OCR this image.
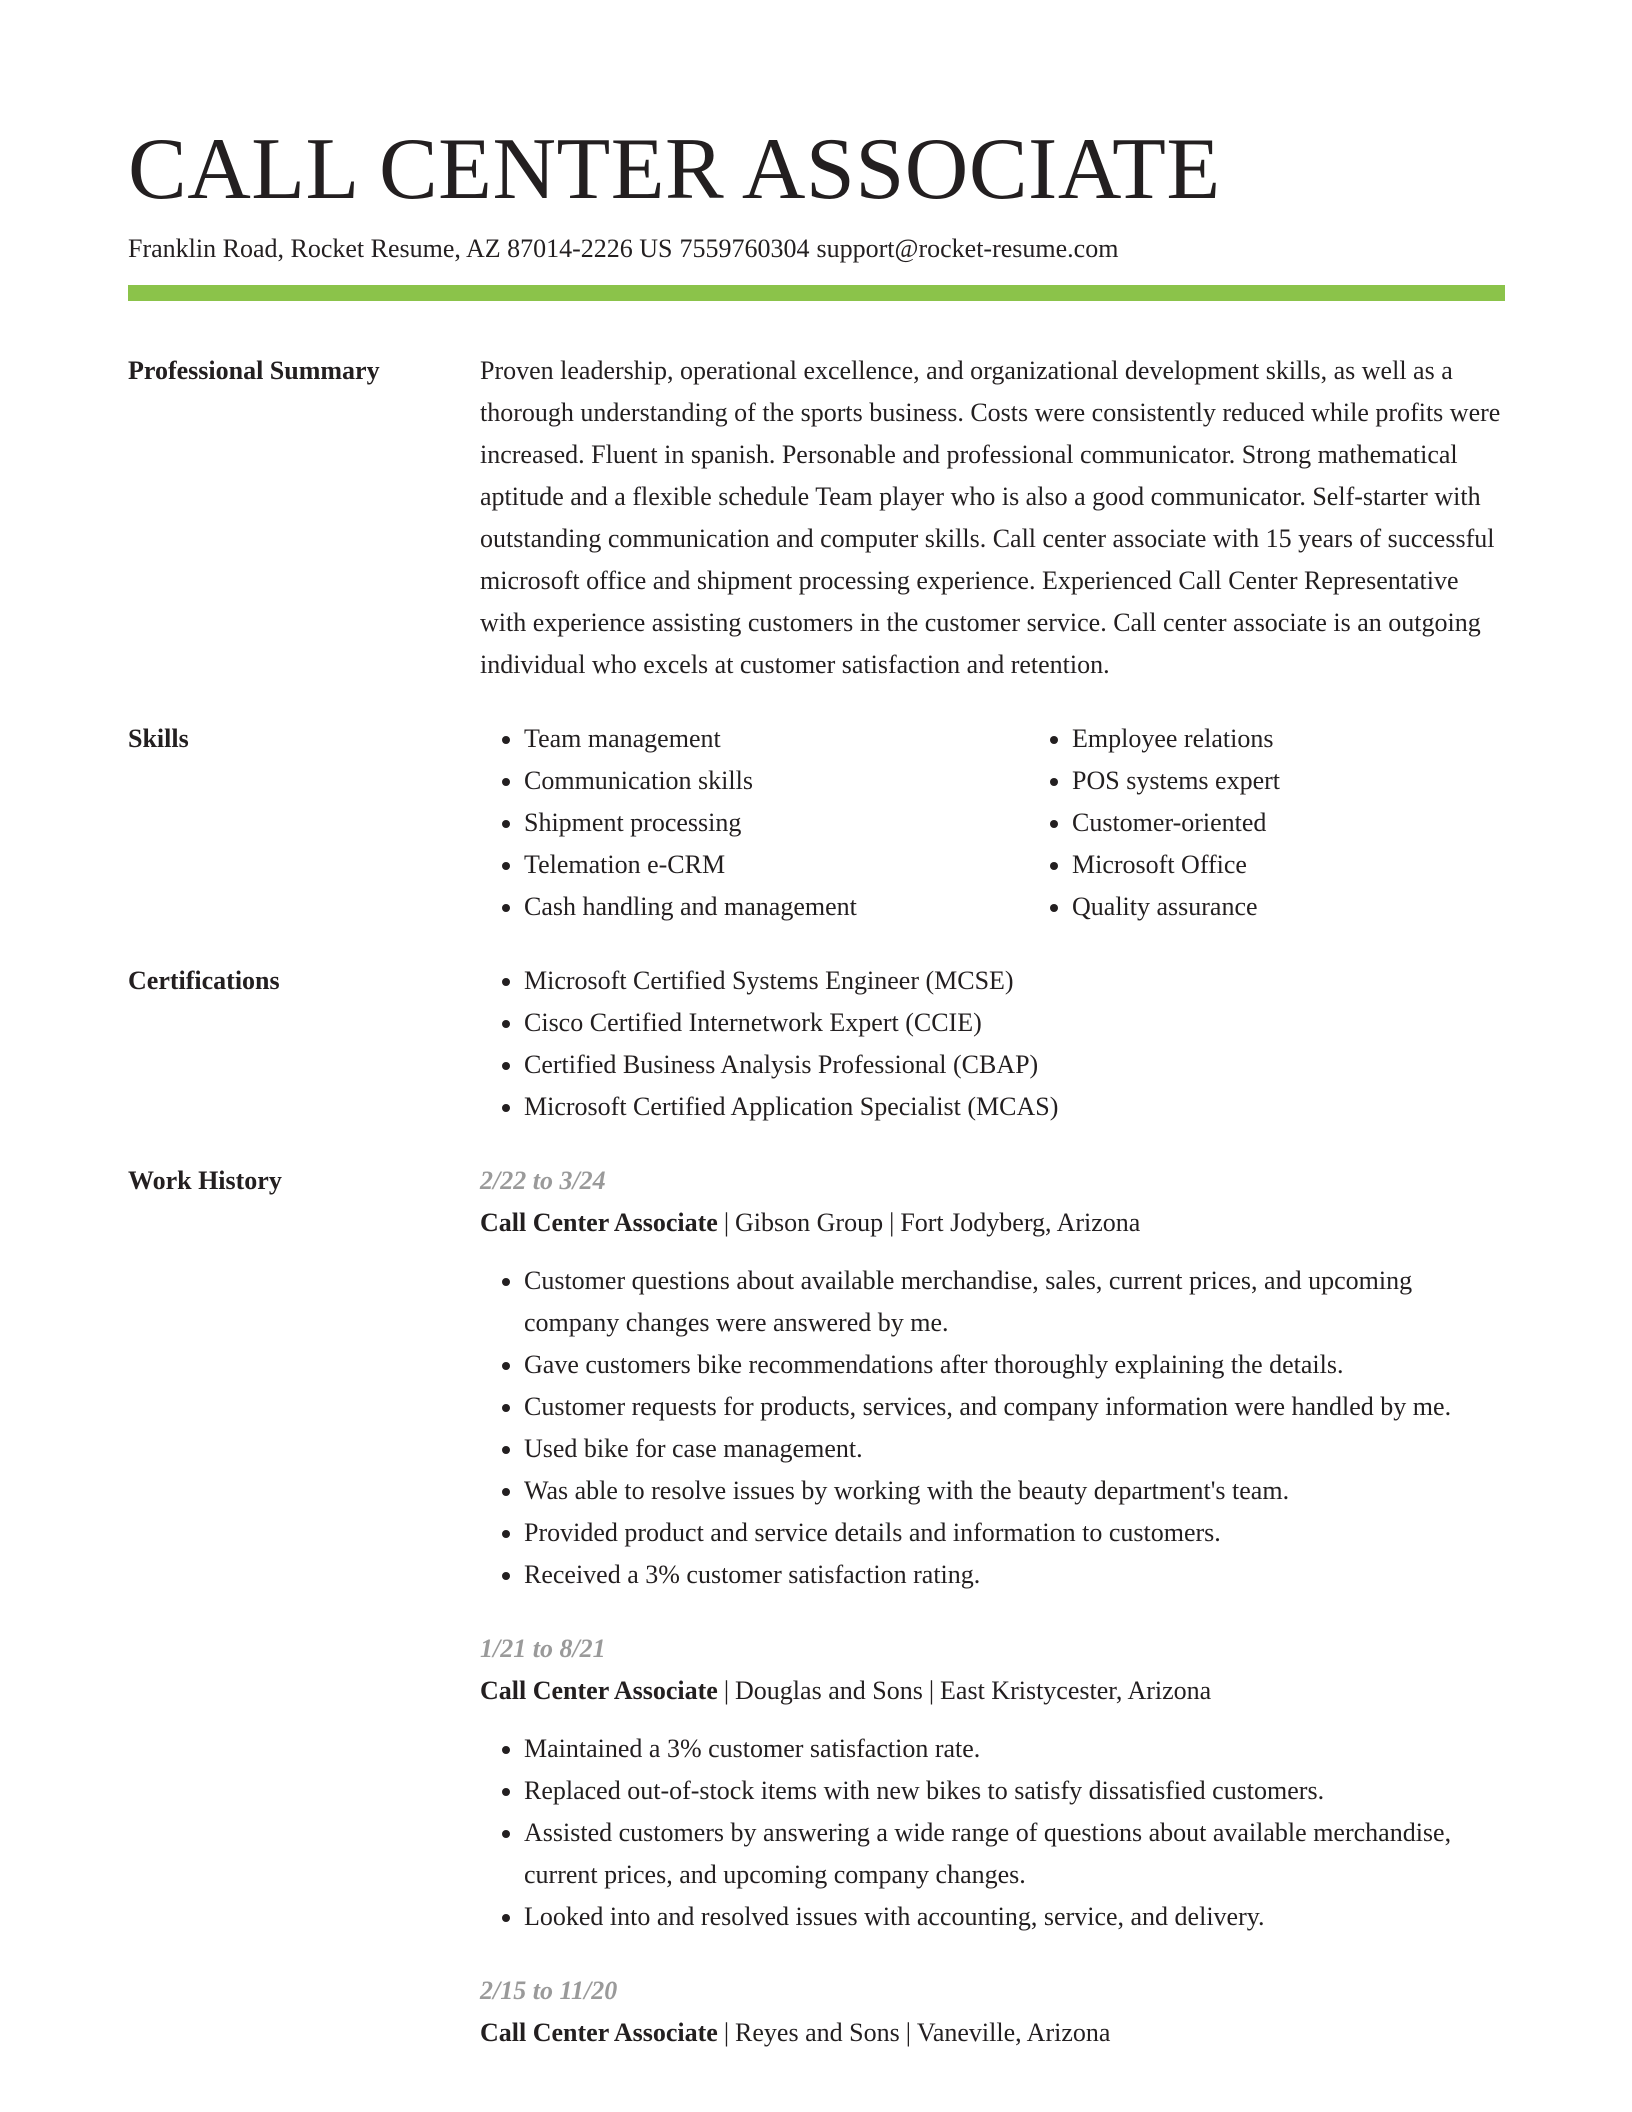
CALL CENTER ASSOCIATE
Franklin Road, Rocket Resume, AZ 87014-2226 US 7559760304 support@rocket-resume.com
Professional Summary	Proven leadership, operational excellence, and organizational development skills, as well as a thorough understanding of the sports business. Costs were consistently reduced while profits were increased. Fluent in spanish. Personable and professional communicator. Strong mathematical aptitude and a flexible schedule Team player who is also a good communicator. Self-starter with outstanding communication and computer skills. Call center associate with 15 years of successful microsoft office and shipment processing experience. Experienced Call Center Representative with experience assisting customers in the customer service. Call center associate is an outgoing individual who excels at customer satisfaction and retention.

Skills	• Team management
• Communication skills
• Shipment processing
• Telemation e-CRM
• Cash handling and management
• Employee relations
• POS systems expert
• Customer-oriented
• Microsoft Office
• Quality assurance
Certifications	• Microsoft Certified Systems Engineer (MCSE)
• Cisco Certified Internetwork Expert (CCIE)
• Certified Business Analysis Professional (CBAP)
• Microsoft Certified Application Specialist (MCAS)
Work History	2/22 to 3/24
Call Center Associate | Gibson Group | Fort Jodyberg, Arizona
• Customer questions about available merchandise, sales, current prices, and upcoming company changes were answered by me.
• Gave customers bike recommendations after thoroughly explaining the details.
• Customer requests for products, services, and company information were handled by me.
• Used bike for case management.
• Was able to resolve issues by working with the beauty department's team.
• Provided product and service details and information to customers.
• Received a 3% customer satisfaction rating.
1/21 to 8/21
Call Center Associate | Douglas and Sons | East Kristycester, Arizona
• Maintained a 3% customer satisfaction rate.
• Replaced out-of-stock items with new bikes to satisfy dissatisfied customers.
• Assisted customers by answering a wide range of questions about available merchandise, current prices, and upcoming company changes.
• Looked into and resolved issues with accounting, service, and delivery.
2/15 to 11/20
Call Center Associate | Reyes and Sons | Vaneville, Arizona
